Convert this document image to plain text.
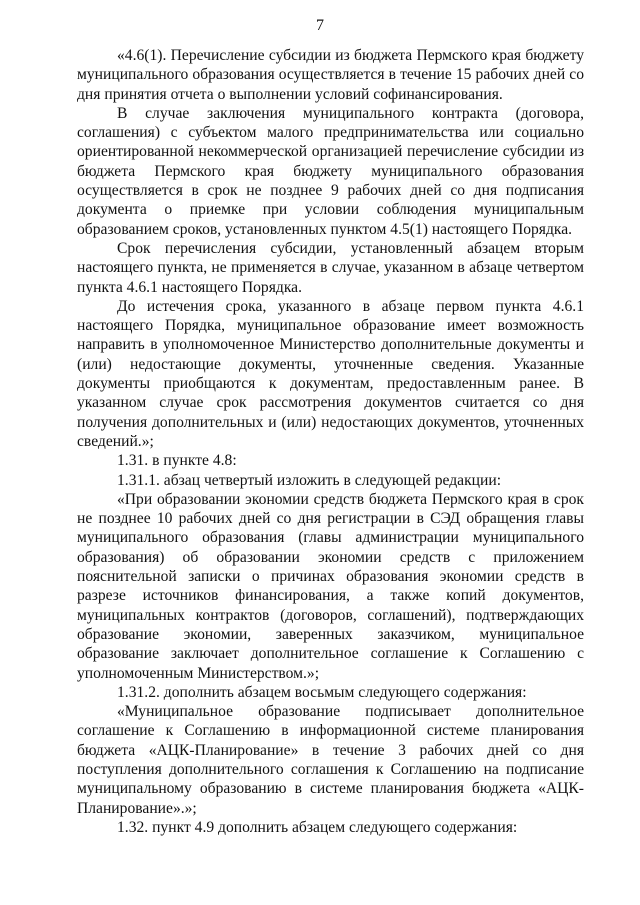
7

«4.6(1). Перечисление субсидии из бюджета Пермского края бюджету муниципального образования осуществляется в течение 15 рабочих дней со дня принятия отчета о выполнении условий софинансирования.

В случае заключения муниципального контракта (договора, соглашения) с субъектом малого предпринимательства или социально ориентированной некоммерческой организацией перечисление субсидии из бюджета Пермского края бюджету муниципального образования осуществляется в срок не позднее 9 рабочих дней со дня подписания документа о приемке при условии соблюдения муниципальным образованием сроков, установленных пунктом 4.5(1) настоящего Порядка.

Срок перечисления субсидии, установленный абзацем вторым настоящего пункта, не применяется в случае, указанном в абзаце четвертом пункта 4.6.1 настоящего Порядка.

До истечения срока, указанного в абзаце первом пункта 4.6.1 настоящего Порядка, муниципальное образование имеет возможность направить в уполномоченное Министерство дополнительные документы и (или) недостающие документы, уточненные сведения. Указанные документы приобщаются к документам, предоставленным ранее. В указанном случае срок рассмотрения документов считается со дня получения дополнительных и (или) недостающих документов, уточненных сведений.»;

1.31. в пункте 4.8:

1.31.1. абзац четвертый изложить в следующей редакции:

«При образовании экономии средств бюджета Пермского края в срок не позднее 10 рабочих дней со дня регистрации в СЭД обращения главы муниципального образования (главы администрации муниципального образования) об образовании экономии средств с приложением пояснительной записки о причинах образования экономии средств в разрезе источников финансирования, а также копий документов, муниципальных контрактов (договоров, соглашений), подтверждающих образование экономии, заверенных заказчиком, муниципальное образование заключает дополнительное соглашение к Соглашению с уполномоченным Министерством.»;

1.31.2. дополнить абзацем восьмым следующего содержания:

«Муниципальное образование подписывает дополнительное соглашение к Соглашению в информационной системе планирования бюджета «АЦК-Планирование» в течение 3 рабочих дней со дня поступления дополнительного соглашения к Соглашению на подписание муниципальному образованию в системе планирования бюджета «АЦК-Планирование».»;

1.32. пункт 4.9 дополнить абзацем следующего содержания:
